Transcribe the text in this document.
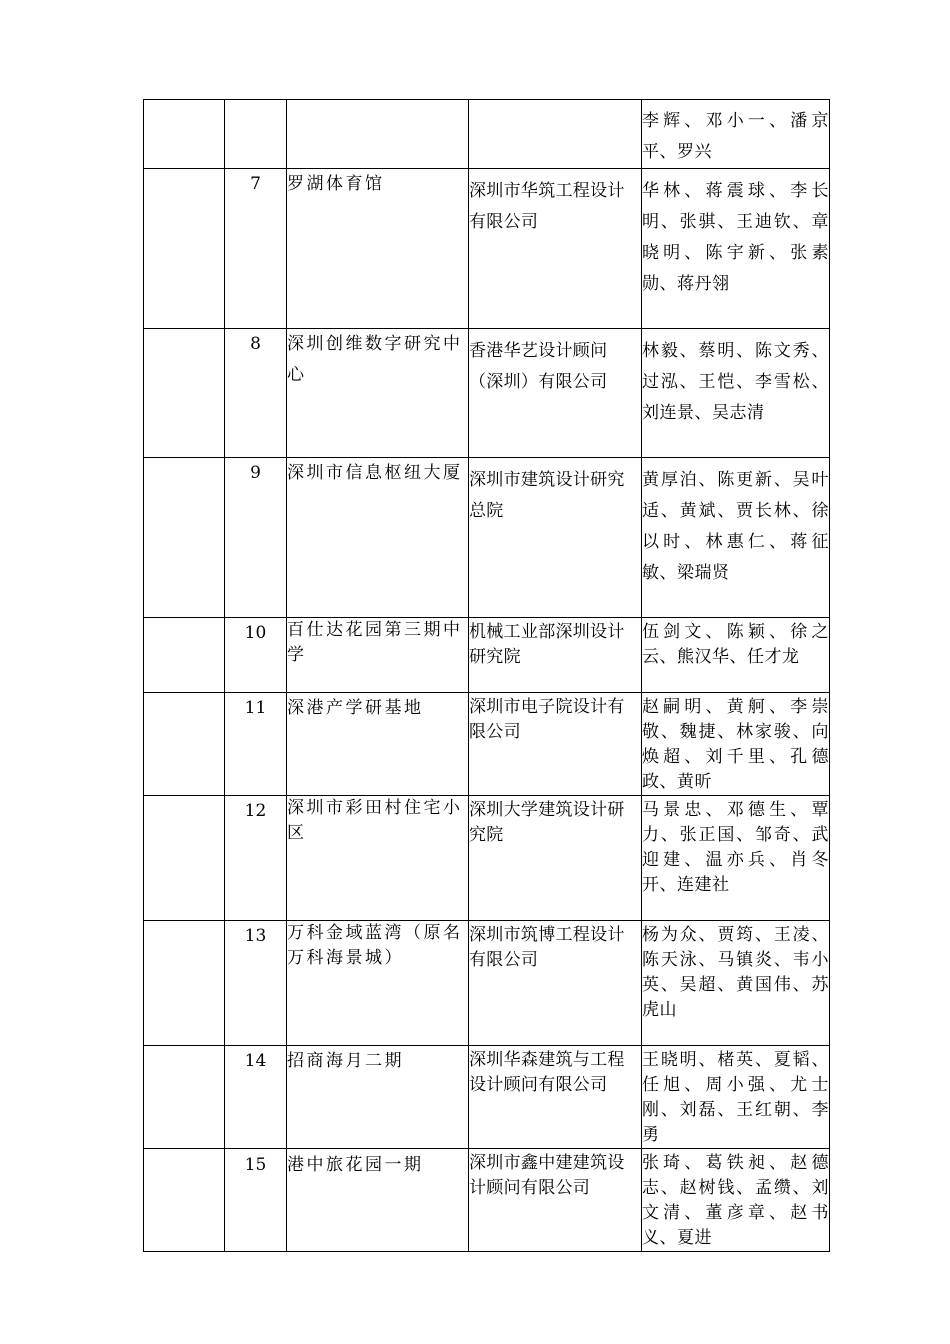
				李辉、邓小一、潘京平、罗兴
	7	罗湖体育馆	深圳市华筑工程设计有限公司	华林、蒋震球、李长明、张骐、王迪钦、章晓明、陈宇新、张素勋、蒋丹翎
	8	深圳创维数字研究中心	香港华艺设计顾问（深圳）有限公司	林毅、蔡明、陈文秀、过泓、王恺、李雪松、刘连景、吴志清
	9	深圳市信息枢纽大厦	深圳市建筑设计研究总院	黄厚泊、陈更新、吴叶适、黄斌、贾长林、徐以时、林惠仁、蒋征敏、梁瑞贤
	10	百仕达花园第三期中学	机械工业部深圳设计研究院	伍剑文、陈颖、徐之云、熊汉华、任才龙
	11	深港产学研基地	深圳市电子院设计有限公司	赵嗣明、黄舸、李崇敬、魏捷、林家骏、向焕超、刘千里、孔德政、黄昕
	12	深圳市彩田村住宅小区	深圳大学建筑设计研究院	马景忠、邓德生、覃力、张正国、邹奇、武迎建、温亦兵、肖冬开、连建社
	13	万科金域蓝湾（原名万科海景城）	深圳市筑博工程设计有限公司	杨为众、贾筠、王凌、陈天泳、马镇炎、韦小英、吴超、黄国伟、苏虎山
	14	招商海月二期	深圳华森建筑与工程设计顾问有限公司	王晓明、楮英、夏韬、任旭、周小强、尤士刚、刘磊、王红朝、李勇
	15	港中旅花园一期	深圳市鑫中建建筑设计顾问有限公司	张琦、葛铁昶、赵德志、赵树钱、孟缵、刘文清、董彦章、赵书义、夏进
